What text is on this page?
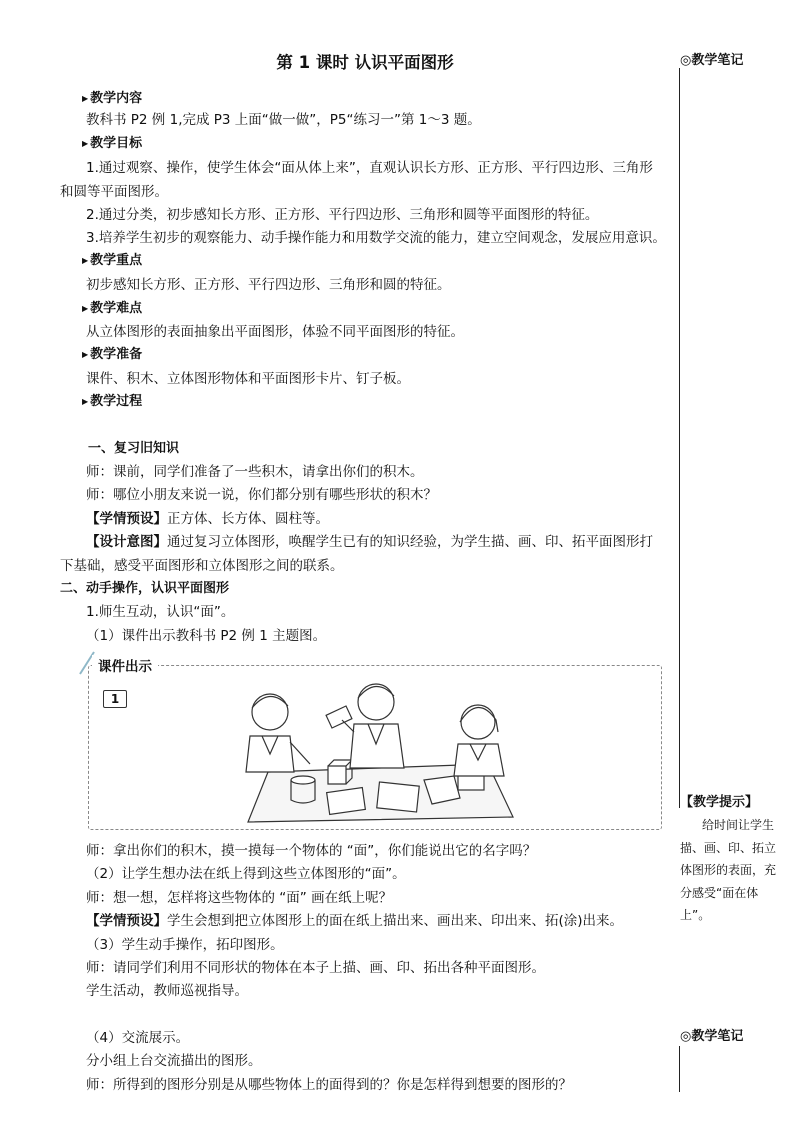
第 1 课时 认识平面图形	◎教学笔记
▶ 教学内容
教科书 P2 例 1,完成 P3 上面“做一做”，P5“练习一”第 1～3 题。
▶ 教学目标
1.通过观察、操作，使学生体会“面从体上来”，直观认识长方形、正方形、平行四边形、三角形
和圆等平面图形。
2.通过分类，初步感知长方形、正方形、平行四边形、三角形和圆等平面图形的特征。
3.培养学生初步的观察能力、动手操作能力和用数学交流的能力，建立空间观念，发展应用意识。
▶ 教学重点
初步感知长方形、正方形、平行四边形、三角形和圆的特征。
▶ 教学难点
从立体图形的表面抽象出平面图形，体验不同平面图形的特征。
▶ 教学准备
课件、积木、立体图形物体和平面图形卡片、钉子板。
▶ 教学过程
一、复习旧知识
师：课前，同学们准备了一些积木，请拿出你们的积木。
师：哪位小朋友来说一说，你们都分别有哪些形状的积木？
【学情预设】正方体、长方体、圆柱等。
【设计意图】通过复习立体图形，唤醒学生已有的知识经验，为学生描、画、印、拓平面图形打
下基础，感受平面图形和立体图形之间的联系。
二、动手操作，认识平面图形
1.师生互动，认识“面”。
（1）课件出示教科书 P2 例 1 主题图。
课件出示
1
师：拿出你们的积木，摸一摸每一个物体的 “面”，你们能说出它的名字吗？
（2）让学生想办法在纸上得到这些立体图形的“面”。
师：想一想，怎样将这些物体的 “面” 画在纸上呢？
【学情预设】学生会想到把立体图形上的面在纸上描出来、画出来、印出来、拓(涂)出来。
（3）学生动手操作，拓印图形。
师：请同学们利用不同形状的物体在本子上描、画、印、拓出各种平面图形。
学生活动，教师巡视指导。
（4）交流展示。
分小组上台交流描出的图形。
师：所得到的图形分别是从哪些物体上的面得到的？你是怎样得到想要的图形的？
【教学提示】
给时间让学生描、画、印、拓立体图形的表面，充分感受“面在体上”。
◎教学笔记
